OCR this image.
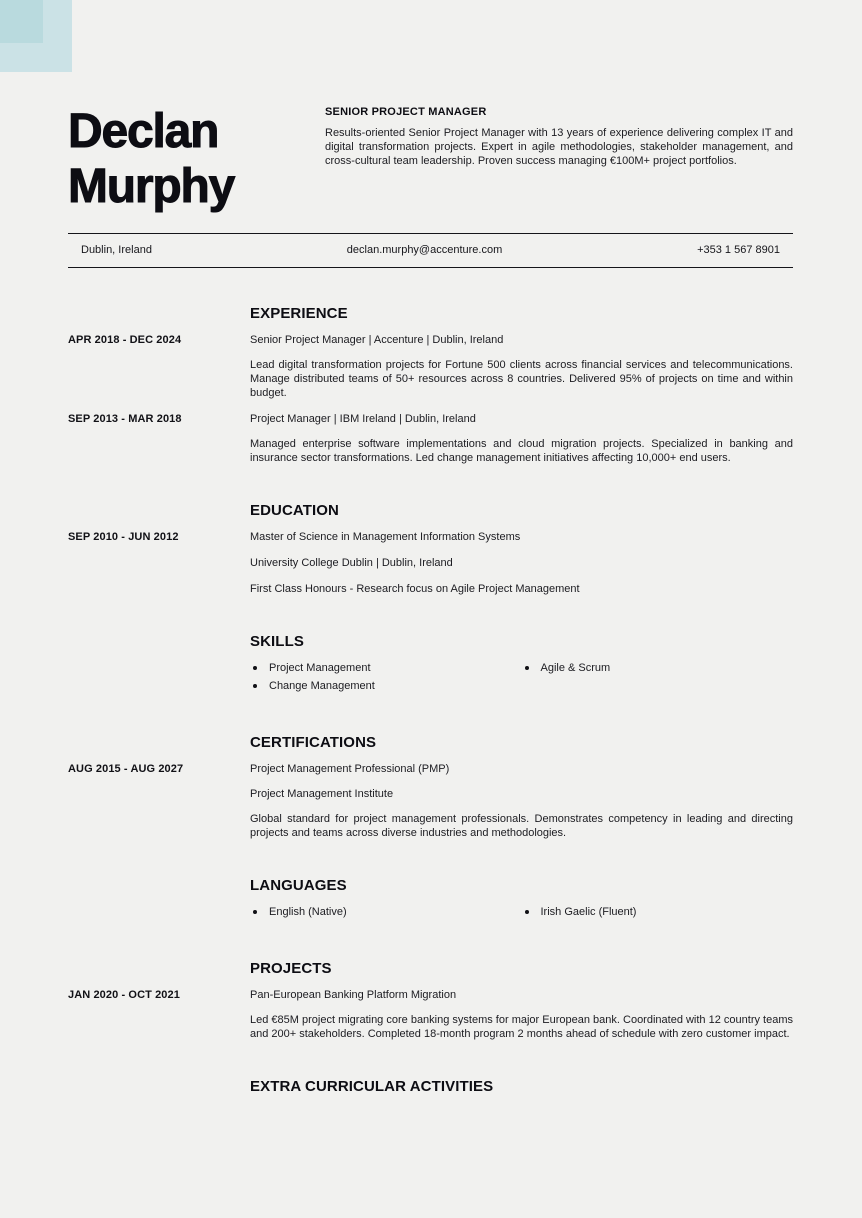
Declan
Murphy
SENIOR PROJECT MANAGER

Results-oriented Senior Project Manager with 13 years of experience delivering complex IT and digital transformation projects. Expert in agile methodologies, stakeholder management, and cross-cultural team leadership. Proven success managing €100M+ project portfolios.

Dublin, Ireland	declan.murphy@accenture.com	+353 1 567 8901
EXPERIENCE
APR 2018 - DEC 2024	Senior Project Manager | Accenture | Dublin, Ireland

Lead digital transformation projects for Fortune 500 clients across financial services and telecommunications. Manage distributed teams of 50+ resources across 8 countries. Delivered 95% of projects on time and within budget.

SEP 2013 - MAR 2018	Project Manager | IBM Ireland | Dublin, Ireland

Managed enterprise software implementations and cloud migration projects. Specialized in banking and insurance sector transformations. Led change management initiatives affecting 10,000+ end users.

EDUCATION
SEP 2010 - JUN 2012	Master of Science in Management Information Systems
University College Dublin | Dublin, Ireland
First Class Honours - Research focus on Agile Project Management
SKILLS
Project Management
Change Management
Agile & Scrum
CERTIFICATIONS
AUG 2015 - AUG 2027	Project Management Professional (PMP)
Project Management Institute

Global standard for project management professionals. Demonstrates competency in leading and directing projects and teams across diverse industries and methodologies.

LANGUAGES
English (Native)	Irish Gaelic (Fluent)
PROJECTS
JAN 2020 - OCT 2021	Pan-European Banking Platform Migration

Led €85M project migrating core banking systems for major European bank. Coordinated with 12 country teams and 200+ stakeholders. Completed 18-month program 2 months ahead of schedule with zero customer impact.

EXTRA CURRICULAR ACTIVITIES
